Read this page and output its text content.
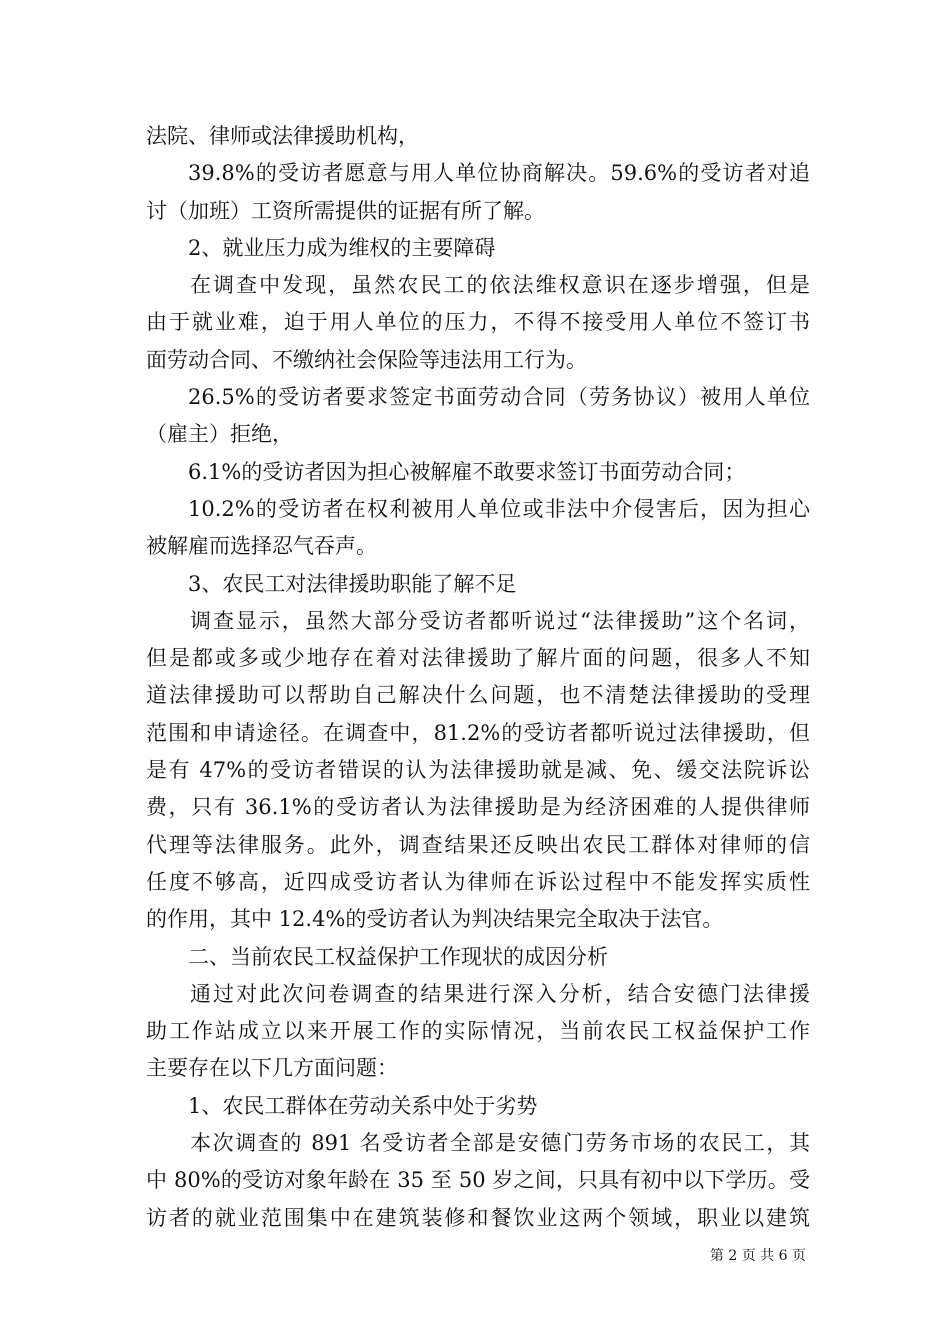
法院、律师或法律援助机构，
39.8%的受访者愿意与用人单位协商解决。59.6%的受访者对追
讨（加班）工资所需提供的证据有所了解。
2、就业压力成为维权的主要障碍
在调查中发现，虽然农民工的依法维权意识在逐步增强，但是
由于就业难，迫于用人单位的压力，不得不接受用人单位不签订书
面劳动合同、不缴纳社会保险等违法用工行为。
26.5%的受访者要求签定书面劳动合同（劳务协议）被用人单位
（雇主）拒绝，
6.1%的受访者因为担心被解雇不敢要求签订书面劳动合同；
10.2%的受访者在权利被用人单位或非法中介侵害后，因为担心
被解雇而选择忍气吞声。
3、农民工对法律援助职能了解不足
调查显示，虽然大部分受访者都听说过“法律援助”这个名词，
但是都或多或少地存在着对法律援助了解片面的问题，很多人不知
道法律援助可以帮助自己解决什么问题，也不清楚法律援助的受理
范围和申请途径。在调查中，81.2%的受访者都听说过法律援助，但
是有 47%的受访者错误的认为法律援助就是减、免、缓交法院诉讼
费，只有 36.1%的受访者认为法律援助是为经济困难的人提供律师
代理等法律服务。此外，调查结果还反映出农民工群体对律师的信
任度不够高，近四成受访者认为律师在诉讼过程中不能发挥实质性
的作用，其中 12.4%的受访者认为判决结果完全取决于法官。
二、当前农民工权益保护工作现状的成因分析
通过对此次问卷调查的结果进行深入分析，结合安德门法律援
助工作站成立以来开展工作的实际情况，当前农民工权益保护工作
主要存在以下几方面问题：
1、农民工群体在劳动关系中处于劣势
本次调查的 891 名受访者全部是安德门劳务市场的农民工，其
中 80%的受访对象年龄在 35 至 50 岁之间，只具有初中以下学历。受
访者的就业范围集中在建筑装修和餐饮业这两个领域，职业以建筑
第 2 页 共 6 页
